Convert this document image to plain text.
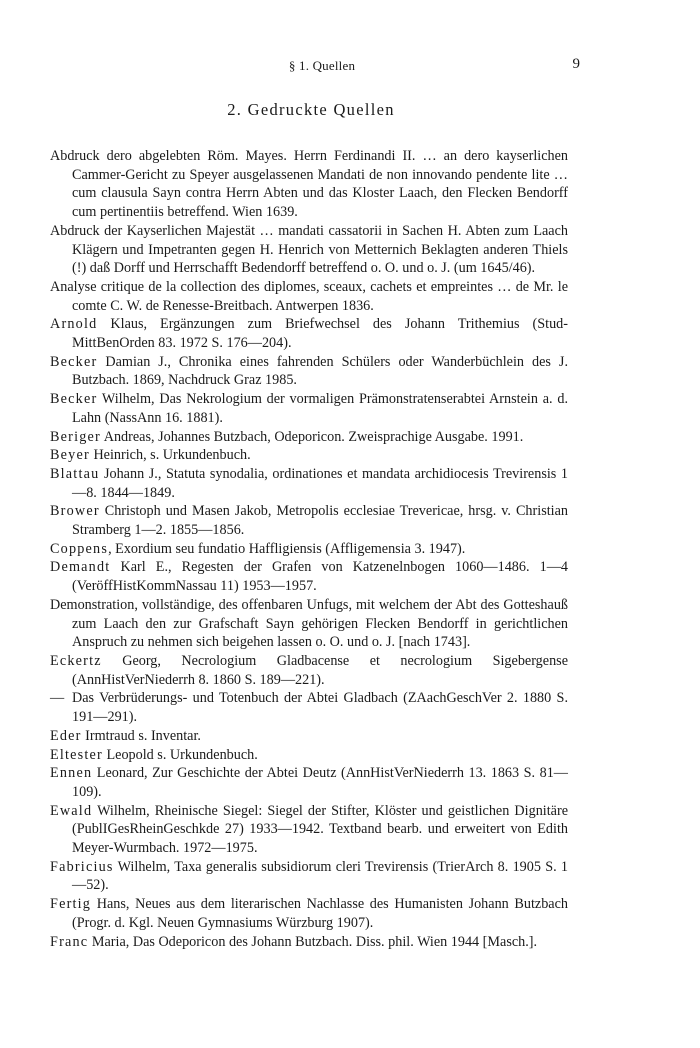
§ 1. Quellen	9
2. Gedruckte Quellen

Abdruck dero abgelebten Röm. Mayes. Herrn Ferdinandi II. … an dero kayserlichen Cammer-Gericht zu Speyer ausgelassenen Mandati de non innovando pendente lite … cum clausula Sayn contra Herrn Abten und das Kloster Laach, den Flecken Bendorff cum pertinentiis betreffend. Wien 1639.

Abdruck der Kayserlichen Majestät … mandati cassatorii in Sachen H. Abten zum Laach Klägern und Impetranten gegen H. Henrich von Metternich Beklagten anderen Thiels (!) daß Dorff und Herrschafft Bedendorff betreffend o. O. und o. J. (um 1645/46).

Analyse critique de la collection des diplomes, sceaux, cachets et empreintes … de Mr. le comte C. W. de Renesse-Breitbach. Antwerpen 1836.

Arnold Klaus, Ergänzungen zum Briefwechsel des Johann Trithemius (Stud-MittBenOrden 83. 1972 S. 176—204).

Becker Damian J., Chronika eines fahrenden Schülers oder Wanderbüchlein des J. Butzbach. 1869, Nachdruck Graz 1985.

Becker Wilhelm, Das Nekrologium der vormaligen Prämonstratenserabtei Arnstein a. d. Lahn (NassAnn 16. 1881).

Beriger Andreas, Johannes Butzbach, Odeporicon. Zweisprachige Ausgabe. 1991.

Beyer Heinrich, s. Urkundenbuch.

Blattau Johann J., Statuta synodalia, ordinationes et mandata archidiocesis Trevirensis 1—8. 1844—1849.

Brower Christoph und Masen Jakob, Metropolis ecclesiae Trevericae, hrsg. v. Christian Stramberg 1—2. 1855—1856.

Coppens, Exordium seu fundatio Haffligiensis (Affligemensia 3. 1947).

Demandt Karl E., Regesten der Grafen von Katzenelnbogen 1060—1486. 1—4 (VeröffHistKommNassau 11) 1953—1957.

Demonstration, vollständige, des offenbaren Unfugs, mit welchem der Abt des Gotteshauß zum Laach den zur Grafschaft Sayn gehörigen Flecken Bendorff in gerichtlichen Anspruch zu nehmen sich beigehen lassen o. O. und o. J. [nach 1743].

Eckertz Georg, Necrologium Gladbacense et necrologium Sigebergense (AnnHistVerNiederrh 8. 1860 S. 189—221).

— Das Verbrüderungs- und Totenbuch der Abtei Gladbach (ZAachGeschVer 2. 1880 S. 191—291).

Eder Irmtraud s. Inventar.

Eltester Leopold s. Urkundenbuch.

Ennen Leonard, Zur Geschichte der Abtei Deutz (AnnHistVerNiederrh 13. 1863 S. 81—109).

Ewald Wilhelm, Rheinische Siegel: Siegel der Stifter, Klöster und geistlichen Dignitäre (PublIGesRheinGeschkde 27) 1933—1942. Textband bearb. und erweitert von Edith Meyer-Wurmbach. 1972—1975.

Fabricius Wilhelm, Taxa generalis subsidiorum cleri Trevirensis (TrierArch 8. 1905 S. 1—52).

Fertig Hans, Neues aus dem literarischen Nachlasse des Humanisten Johann Butzbach (Progr. d. Kgl. Neuen Gymnasiums Würzburg 1907).

Franc Maria, Das Odeporicon des Johann Butzbach. Diss. phil. Wien 1944 [Masch.].
